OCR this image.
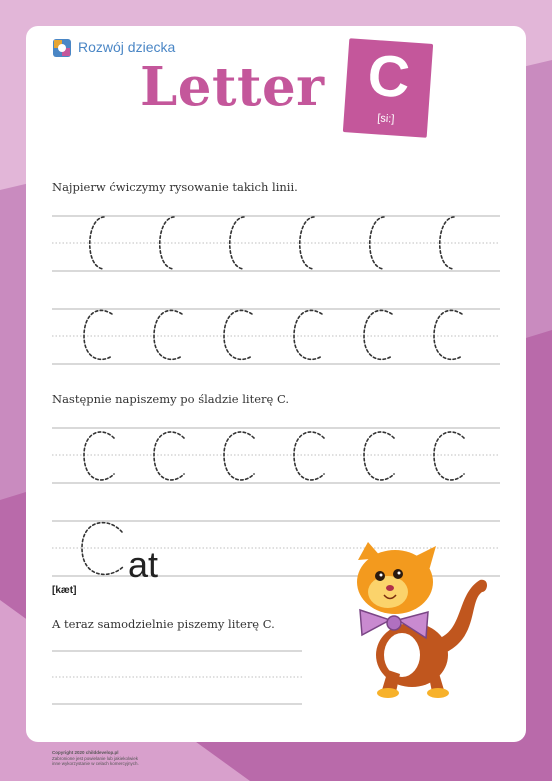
Rozwój dziecka
Letter C
[si:]
Najpierw ćwiczymy rysowanie takich linii.
Następnie napiszemy po śladzie literę C.
A teraz samodzielnie piszemy literę C.
[kæt]
at
Copyright 2020 childdevelop.pl
Zabronione jest powielanie lub jakiekolwiek
inne wykorzystanie w celach komercyjnych.
